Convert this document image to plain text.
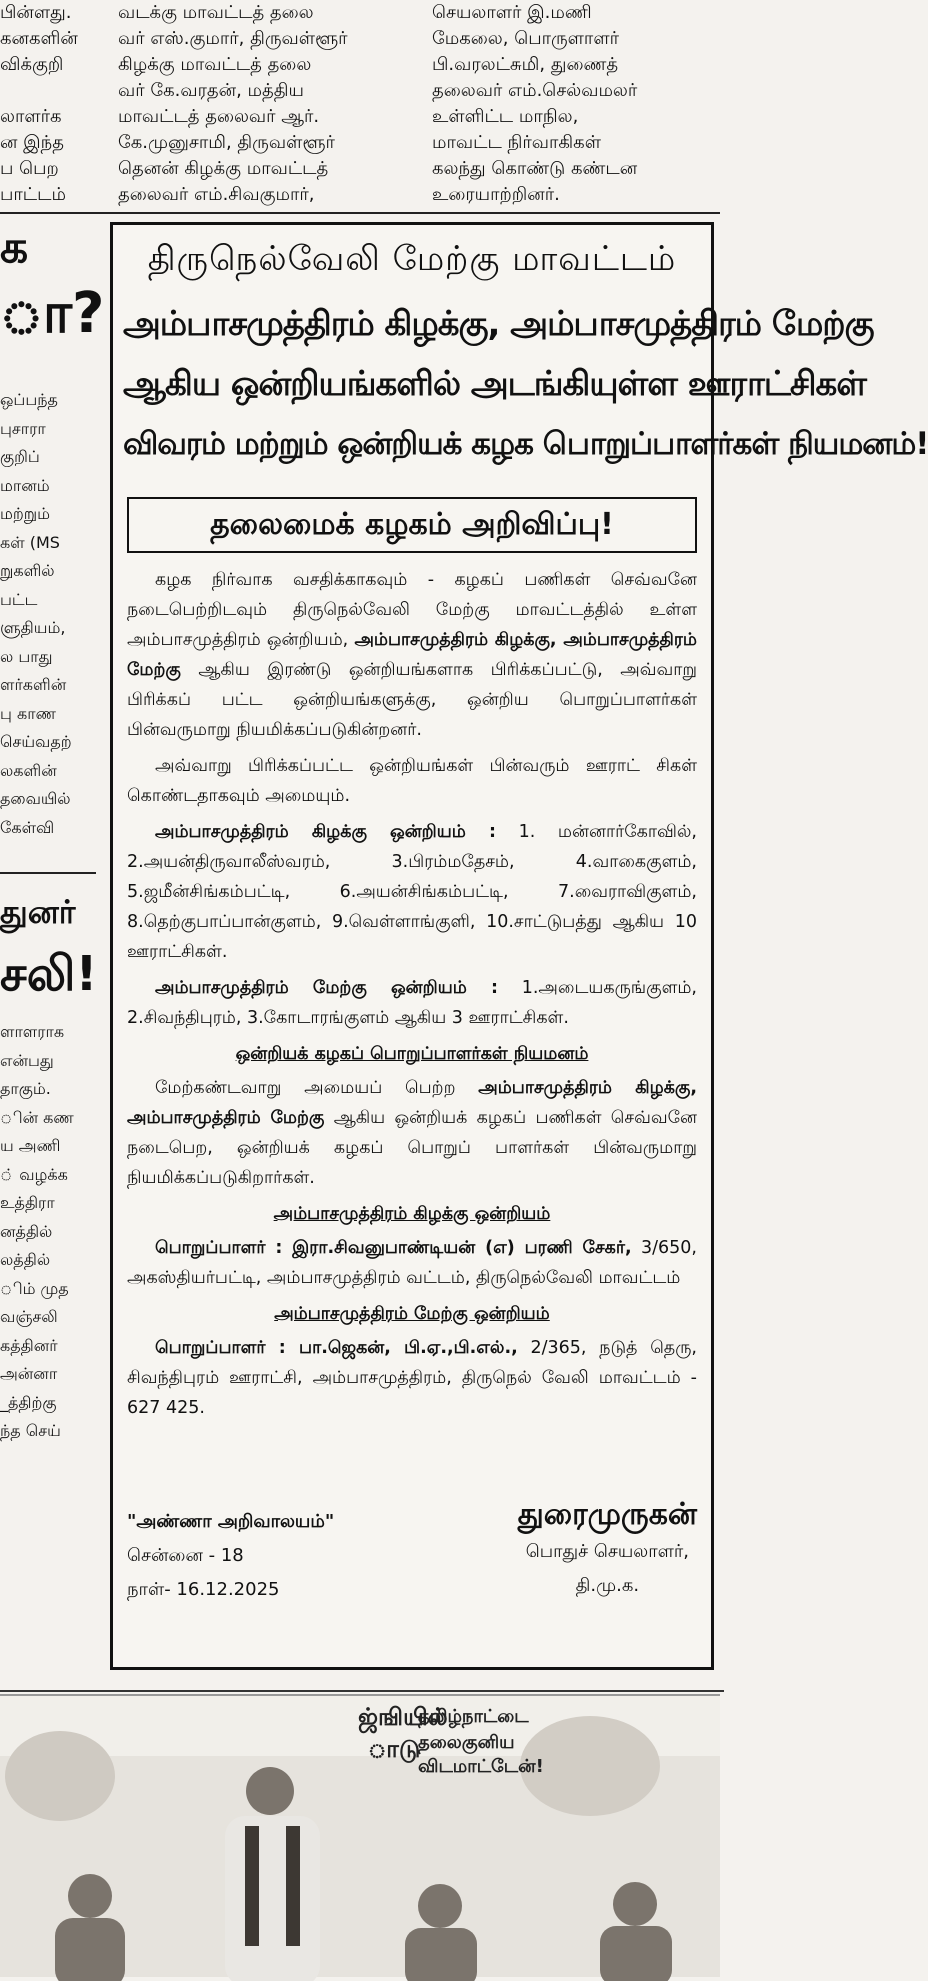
பின்ளது.
கனகளின்
விக்குறி
லாளர்க
ன இந்த
ப பெற
பாட்டம்
வடக்கு மாவட்டத் தலை
வர் எஸ்.குமார், திருவள்ளூர்
கிழக்கு மாவட்டத் தலை
வர் கே.வரதன், மத்திய
மாவட்டத் தலைவர் ஆர்.
கே.முனுசாமி, திருவள்ளூர்
தெனன் கிழக்கு மாவட்டத்
தலைவர் எம்.சிவகுமார்,
செயலாளர் இ.மணி
மேகலை, பொருளாளர்
பி.வரலட்சுமி, துணைத்
தலைவர் எம்.செல்வமலர்
உள்ளிட்ட மாநில,
மாவட்ட நிர்வாகிகள்
கலந்து கொண்டு கண்டன
உரையாற்றினர்.
க
ா?
ஒப்பந்த
புசாரா
குறிப்
மானம்
மற்றும்
கள் (MS
றுகளில்
பட்ட
ளுதியம்,
ல பாது
ளர்களின்
பு காண
செய்வதற்
லகளின்
தவையில்
கேள்வி
துனர்
சலி!
ளாளராக
என்பது
தாகும்.
ின் கண
ய அணி
் வழக்க
உத்திரா
னத்தில்
லத்தில்
ிம் முத
வஞ்சலி
கத்தினர்
அன்னா
_த்திற்கு
ந்த செய்
திருநெல்வேலி மேற்கு மாவட்டம்
அம்பாசமுத்திரம் கிழக்கு, அம்பாசமுத்திரம் மேற்கு
ஆகிய ஒன்றியங்களில் அடங்கியுள்ள ஊராட்சிகள்
விவரம் மற்றும் ஒன்றியக் கழக பொறுப்பாளர்கள் நியமனம்!
தலைமைக் கழகம் அறிவிப்பு!

கழக நிர்வாக வசதிக்காகவும் - கழகப் பணிகள் செவ்வனே நடைபெற்றிடவும் திருநெல்வேலி மேற்கு மாவட்டத்தில் உள்ள அம்பாசமுத்திரம் ஒன்றியம், அம்பாசமுத்திரம் கிழக்கு, அம்பாசமுத்திரம் மேற்கு ஆகிய இரண்டு ஒன்றியங்களாக பிரிக்கப்பட்டு, அவ்வாறு பிரிக்கப் பட்ட ஒன்றியங்களுக்கு, ஒன்றிய பொறுப்பாளர்கள் பின்வருமாறு நியமிக்கப்படுகின்றனர்.

அவ்வாறு பிரிக்கப்பட்ட ஒன்றியங்கள் பின்வரும் ஊராட் சிகள் கொண்டதாகவும் அமையும்.

அம்பாசமுத்திரம் கிழக்கு ஒன்றியம் : 1. மன்னார்கோவில், 2.அயன்திருவாலீஸ்வரம், 3.பிரம்மதேசம், 4.வாகைகுளம், 5.ஜமீன்சிங்கம்பட்டி, 6.அயன்சிங்கம்பட்டி, 7.வைராவிகுளம், 8.தெற்குபாப்பான்குளம், 9.வெள்ளாங்குளி, 10.சாட்டுபத்து ஆகிய 10 ஊராட்சிகள்.

அம்பாசமுத்திரம் மேற்கு ஒன்றியம் : 1.அடையகருங்குளம், 2.சிவந்திபுரம், 3.கோடாரங்குளம் ஆகிய 3 ஊராட்சிகள்.

ஒன்றியக் கழகப் பொறுப்பாளர்கள் நியமனம்

மேற்கண்டவாறு அமையப் பெற்ற அம்பாசமுத்திரம் கிழக்கு, அம்பாசமுத்திரம் மேற்கு ஆகிய ஒன்றியக் கழகப் பணிகள் செவ்வனே நடைபெற, ஒன்றியக் கழகப் பொறுப் பாளர்கள் பின்வருமாறு நியமிக்கப்படுகிறார்கள்.

அம்பாசமுத்திரம் கிழக்கு ஒன்றியம்

பொறுப்பாளர் : இரா.சிவனுபாண்டியன் (எ) பரணி சேகர், 3/650, அகஸ்தியர்பட்டி, அம்பாசமுத்திரம் வட்டம், திருநெல்வேலி மாவட்டம்

அம்பாசமுத்திரம் மேற்கு ஒன்றியம்

பொறுப்பாளர் : பா.ஜெகன், பி.ஏ.,பி.எல்., 2/365, நடுத் தெரு, சிவந்திபுரம் ஊராட்சி, அம்பாசமுத்திரம், திருநெல் வேலி மாவட்டம் - 627 425.

"அண்ணா அறிவாலயம்"
சென்னை - 18
நாள்- 16.12.2025
துரைமுருகன்
பொதுச் செயலாளர்,
தி.மு.க.
ஜ்ஙியில்
தமிழ்நாட்டை
தலைகுனிய
விடமாட்டேன்!
ாடு
